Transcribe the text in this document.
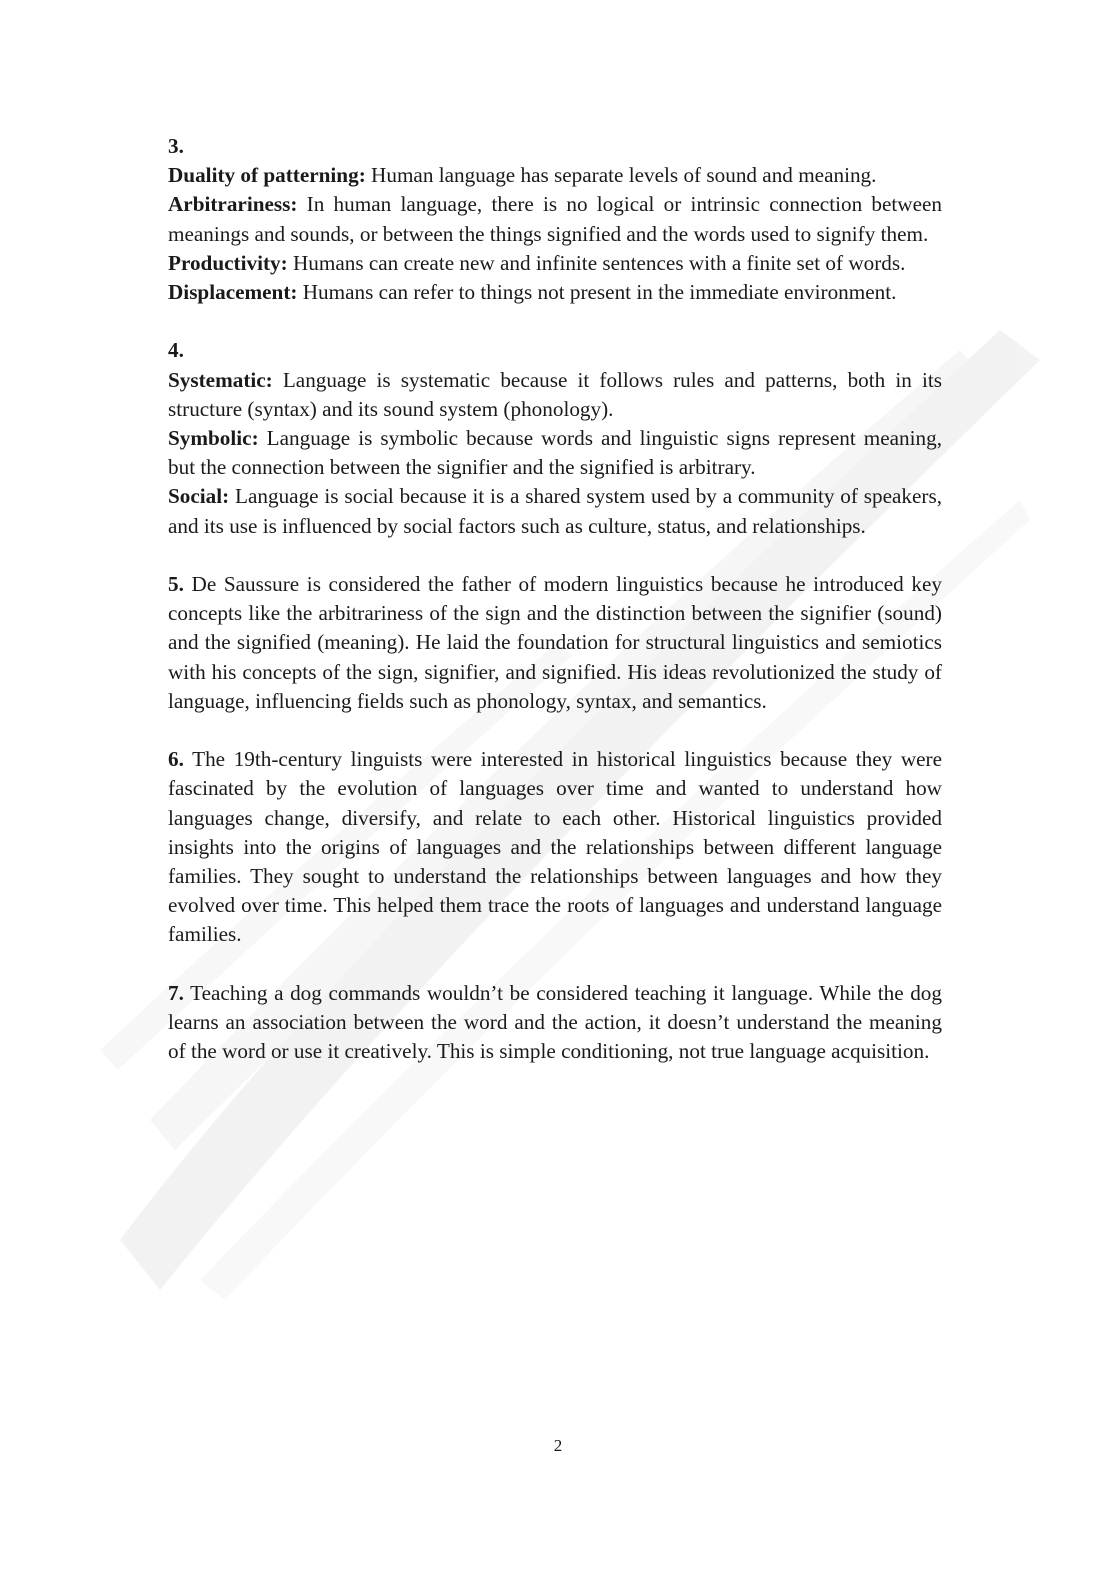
3.

Duality of patterning: Human language has separate levels of sound and meaning.

Arbitrariness: In human language, there is no logical or intrinsic connection between meanings and sounds, or between the things signified and the words used to signify them.

Productivity: Humans can create new and infinite sentences with a finite set of words.

Displacement: Humans can refer to things not present in the immediate environment.

4.

Systematic: Language is systematic because it follows rules and patterns, both in its structure (syntax) and its sound system (phonology).

Symbolic: Language is symbolic because words and linguistic signs represent meaning, but the connection between the signifier and the signified is arbitrary.

Social: Language is social because it is a shared system used by a community of speakers, and its use is influenced by social factors such as culture, status, and relationships.

5. De Saussure is considered the father of modern linguistics because he introduced key concepts like the arbitrariness of the sign and the distinction between the signifier (sound) and the signified (meaning). He laid the foundation for structural linguistics and semiotics with his concepts of the sign, signifier, and signified. His ideas revolutionized the study of language, influencing fields such as phonology, syntax, and semantics.

6. The 19th-century linguists were interested in historical linguistics because they were fascinated by the evolution of languages over time and wanted to understand how languages change, diversify, and relate to each other. Historical linguistics provided insights into the origins of languages and the relationships between different language families. They sought to understand the relationships between languages and how they evolved over time. This helped them trace the roots of languages and understand language families.

7. Teaching a dog commands wouldn’t be considered teaching it language. While the dog learns an association between the word and the action, it doesn’t understand the meaning of the word or use it creatively. This is simple conditioning, not true language acquisition.

2
